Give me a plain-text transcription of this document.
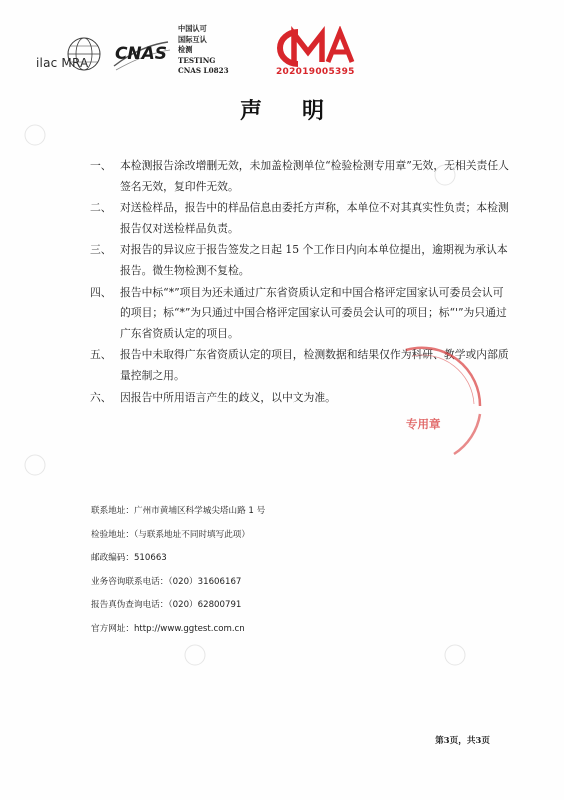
ilac MRA CNAS
中国认可
国际互认
检测
TESTING
CNAS L0823	202019005395
声明
一、 本检测报告涂改增删无效，未加盖检测单位“检验检测专用章”无效，无相关责任人签名无效，复印件无效。
二、 对送检样品，报告中的样品信息由委托方声称，本单位不对其真实性负责；本检测报告仅对送检样品负责。
三、 对报告的异议应于报告签发之日起 15 个工作日内向本单位提出，逾期视为承认本报告。微生物检测不复检。
四、 报告中标“*”项目为还未通过广东省资质认定和中国合格评定国家认可委员会认可的项目；标“*”为只通过中国合格评定国家认可委员会认可的项目；标“'”为只通过广东省资质认定的项目。
五、 报告中未取得广东省资质认定的项目，检测数据和结果仅作为科研、教学或内部质量控制之用。
六、 因报告中所用语言产生的歧义，以中文为准。
专用章
联系地址：广州市黄埔区科学城尖塔山路 1 号
检验地址：（与联系地址不同时填写此项）
邮政编码：510663
业务咨询联系电话：（020）31606167
报告真伪查询电话：（020）62800791
官方网址：http://www.ggtest.com.cn
第3页，共3页
